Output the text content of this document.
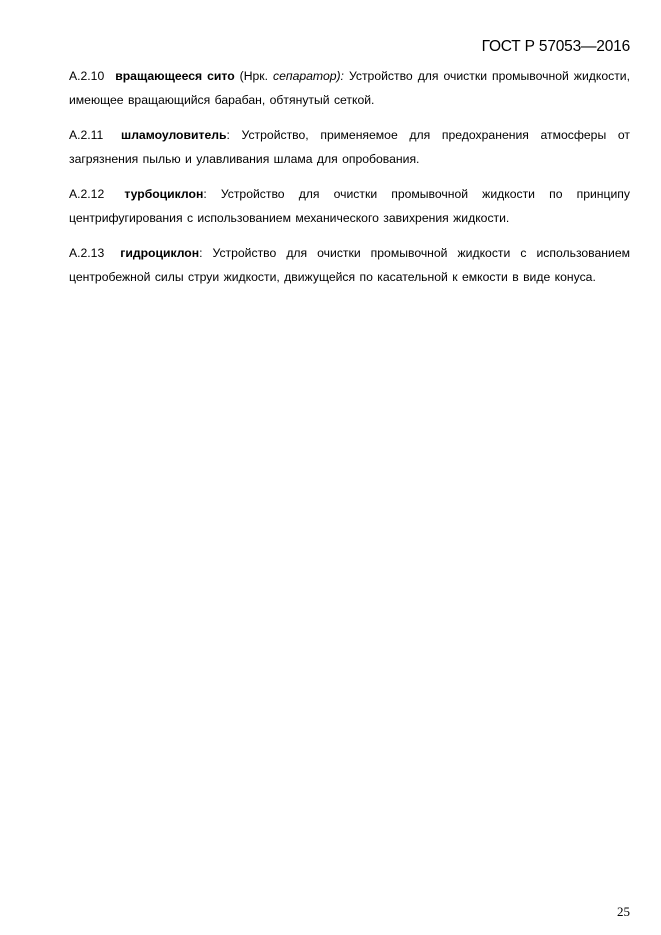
ГОСТ Р 57053—2016

А.2.10 вращающееся сито (Нрк. сепаратор): Устройство для очистки промывочной жидкости, имеющее вращающийся барабан, обтянутый сеткой.

А.2.11 шламоуловитель: Устройство, применяемое для предохранения атмосферы от загрязнения пылью и улавливания шлама для опробования.

А.2.12 турбоциклон: Устройство для очистки промывочной жидкости по принципу центрифугирования с использованием механического завихрения жидкости.

А.2.13 гидроциклон: Устройство для очистки промывочной жидкости с использованием центробежной силы струи жидкости, движущейся по касательной к емкости в виде конуса.

25
